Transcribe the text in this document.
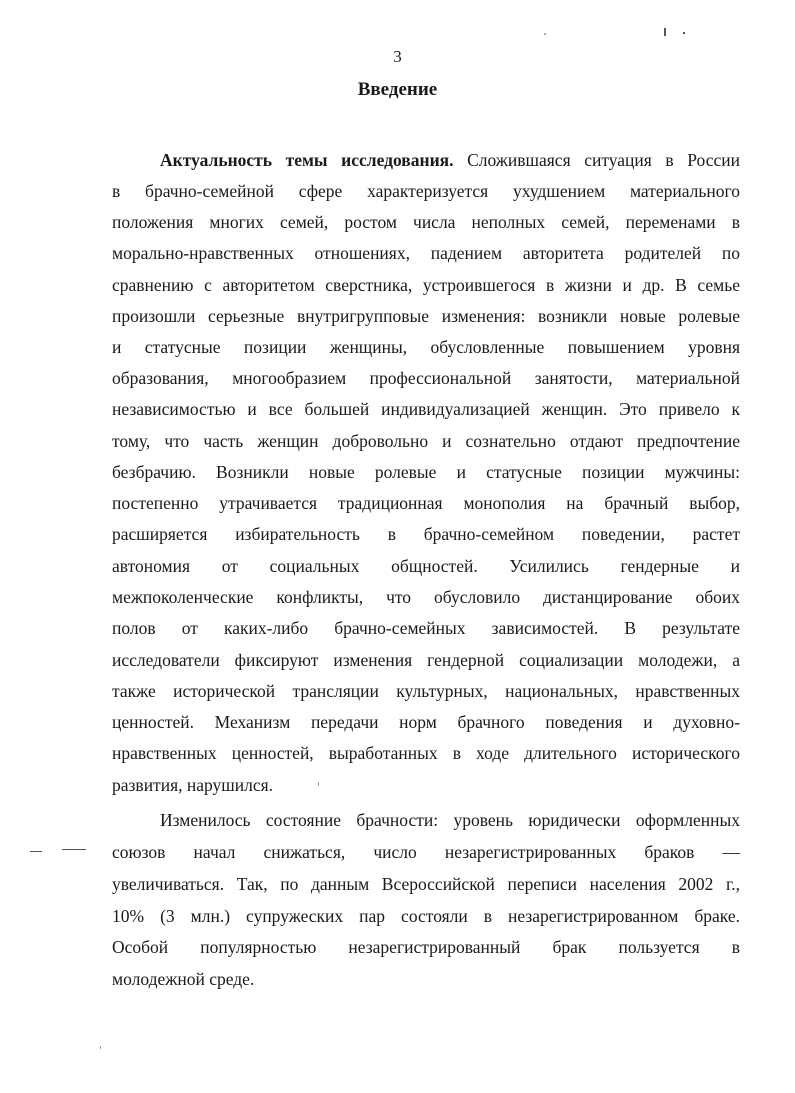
3
Введение
Актуальность темы исследования. Сложившаяся ситуация в России
в брачно-семейной сфере характеризуется ухудшением материального
положения многих семей, ростом числа неполных семей, переменами в
морально-нравственных отношениях, падением авторитета родителей по
сравнению с авторитетом сверстника, устроившегося в жизни и др. В семье
произошли серьезные внутригрупповые изменения: возникли новые ролевые
и статусные позиции женщины, обусловленные повышением уровня
образования, многообразием профессиональной занятости, материальной
независимостью и все большей индивидуализацией женщин. Это привело к
тому, что часть женщин добровольно и сознательно отдают предпочтение
безбрачию. Возникли новые ролевые и статусные позиции мужчины:
постепенно утрачивается традиционная монополия на брачный выбор,
расширяется избирательность в брачно-семейном поведении, растет
автономия от социальных общностей. Усилились гендерные и
межпоколенческие конфликты, что обусловило дистанцирование обоих
полов от каких-либо брачно-семейных зависимостей. В результате
исследователи фиксируют изменения гендерной социализации молодежи, а
также исторической трансляции культурных, национальных, нравственных
ценностей. Механизм передачи норм брачного поведения и духовно-
нравственных ценностей, выработанных в ходе длительного исторического
развития, нарушился.
Изменилось состояние брачности: уровень юридически оформленных
союзов начал снижаться, число незарегистрированных браков —
увеличиваться. Так, по данным Всероссийской переписи населения 2002 г.,
10% (3 млн.) супружеских пар состояли в незарегистрированном браке.
Особой популярностью незарегистрированный брак пользуется в
молодежной среде.
